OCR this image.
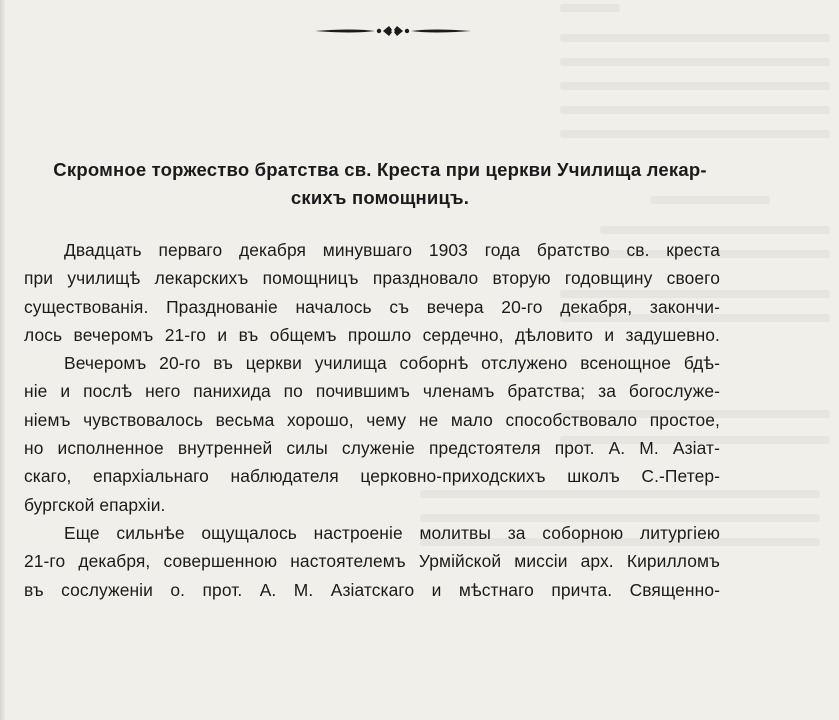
Скромное торжество братства св. Креста при церкви Училища лекар-
скихъ помощницъ.
Двадцать перваго декабря минувшаго 1903 года братство св. креста
при училищѣ лекарскихъ помощницъ праздновало вторую годовщину своего
существованія. Празднованіе началось съ вечера 20-го декабря, закончи-
лось вечеромъ 21-го и въ общемъ прошло сердечно, дѣловито и задушевно.
Вечеромъ 20-го въ церкви училища соборнѣ отслужено всенощное бдѣ-
ніе и послѣ него панихида по почившимъ членамъ братства; за богослуже-
ніемъ чувствовалось весьма хорошо, чему не мало способствовало простое,
но исполненное внутренней силы служеніе предстоятеля прот. А. М. Азіат-
скаго, епархіальнаго наблюдателя церковно-приходскихъ школъ С.-Петер-
бургской епархіи.
Еще сильнѣе ощущалось настроеніе молитвы за соборною литургіею
21-го декабря, совершенною настоятелемъ Урмійской миссіи арх. Кирилломъ
въ сослуженіи о. прот. А. М. Азіатскаго и мѣстнаго причта. Священно-
